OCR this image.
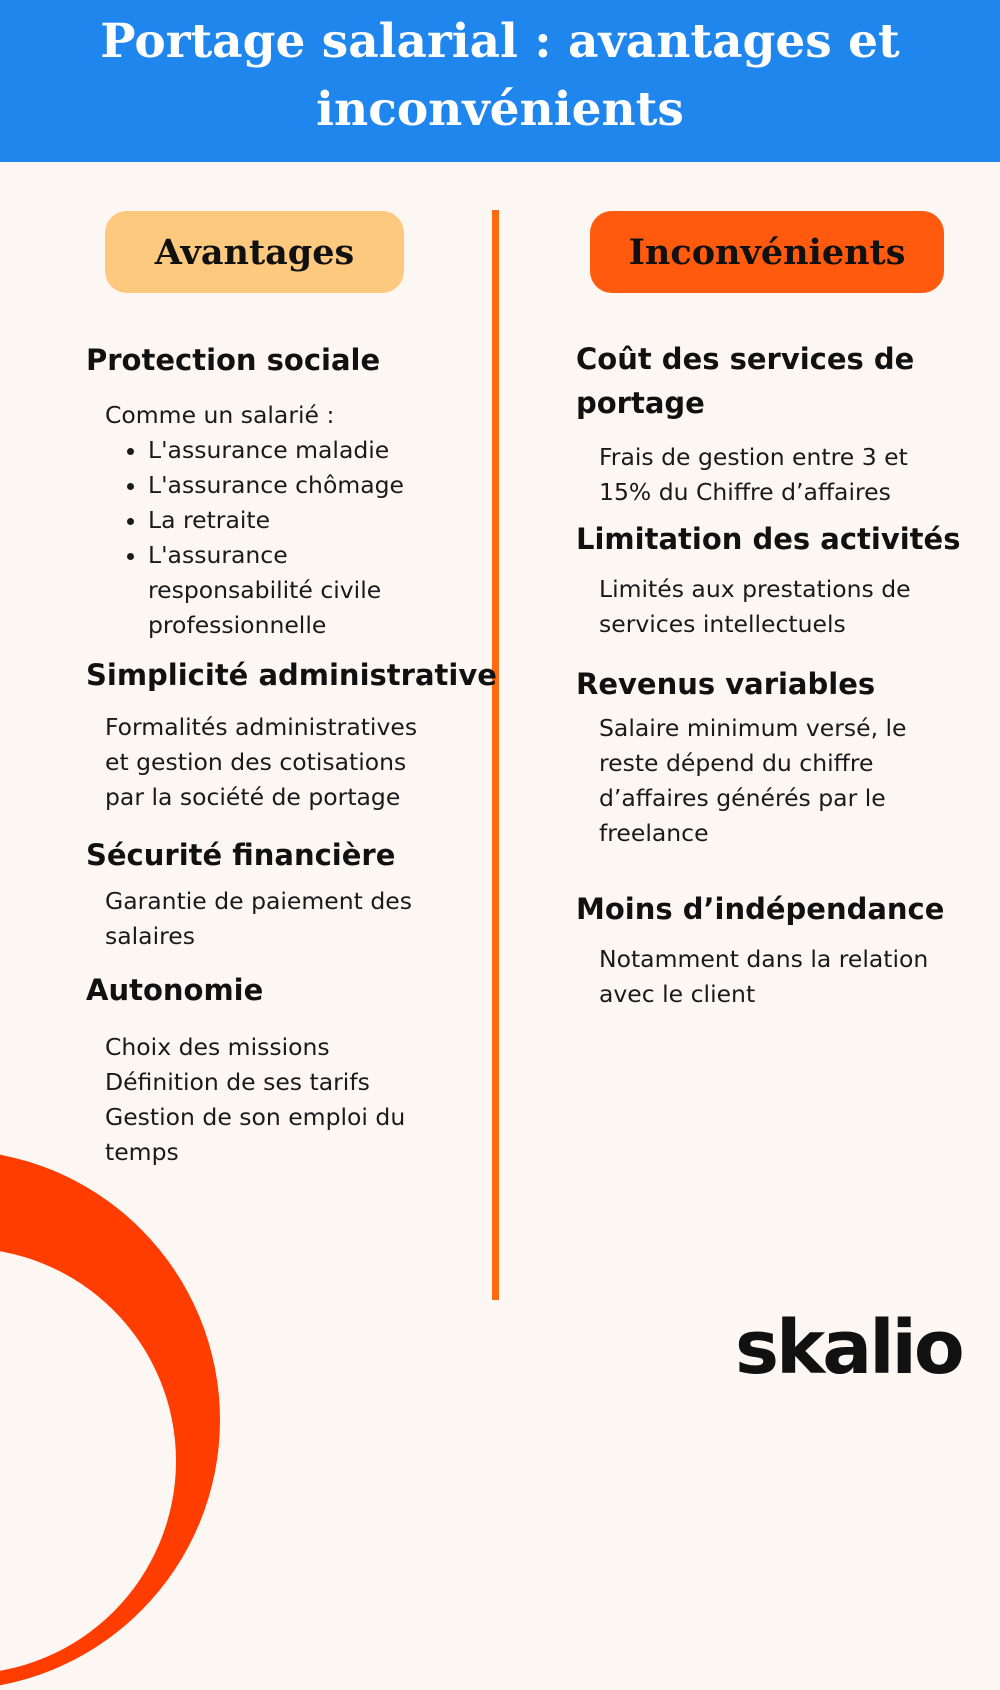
Portage salarial : avantages et inconvénients
Avantages	Inconvénients
Protection sociale

Comme un salarié :

L'assurance maladie
L'assurance chômage
La retraite
L'assurance responsabilité civile professionnelle
Simplicité administrative

Formalités administratives
et gestion des cotisations
par la société de portage

Sécurité financière

Garantie de paiement des
salaires

Autonomie

Choix des missions
Définition de ses tarifs
Gestion de son emploi du
temps

Coût des services de
portage

Frais de gestion entre 3 et
15% du Chiffre d’affaires

Limitation des activités

Limités aux prestations de
services intellectuels

Revenus variables

Salaire minimum versé, le
reste dépend du chiffre
d’affaires générés par le
freelance

Moins d’indépendance

Notamment dans la relation
avec le client

skalio
